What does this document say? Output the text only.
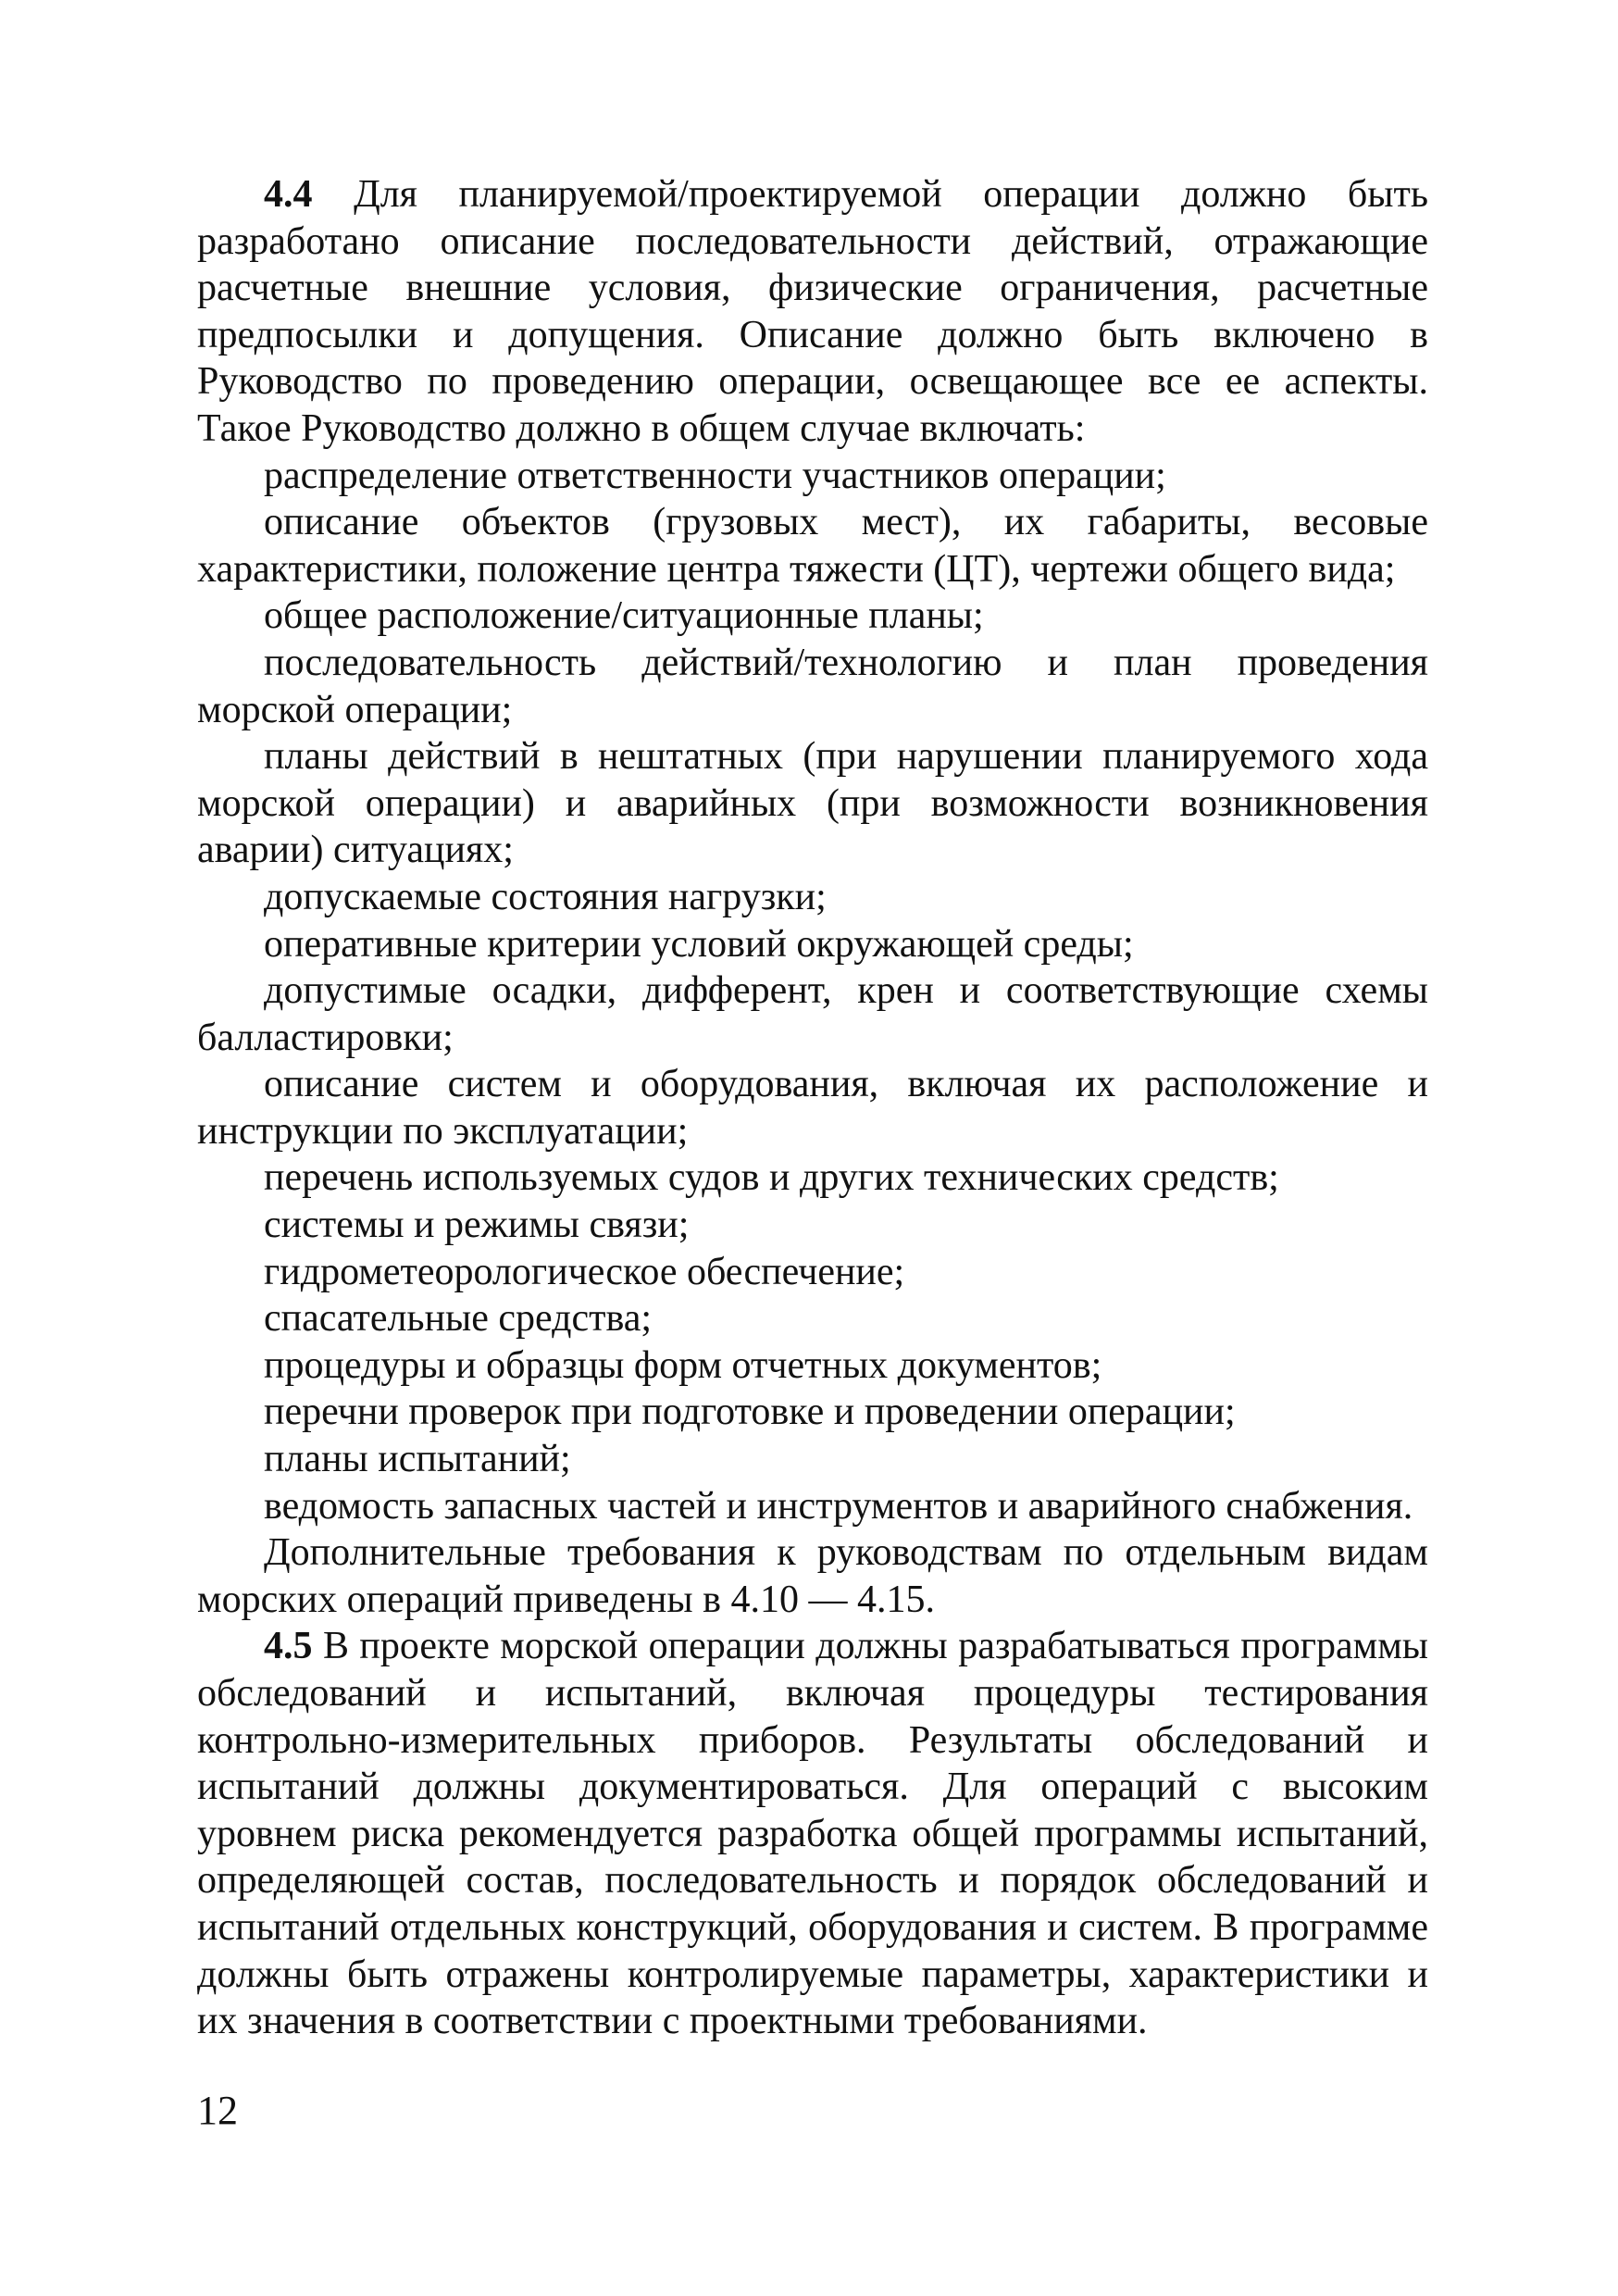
4.4 Для планируемой/проектируемой операции должно быть разработано описание последовательности действий, отражающие расчетные внешние условия, физические ограничения, расчетные предпосылки и допущения. Описание должно быть включено в Руководство по проведению операции, освещающее все ее аспекты. Такое Руководство должно в общем случае включать:

распределение ответственности участников операции;

описание объектов (грузовых мест), их габариты, весовые характеристики, положение центра тяжести (ЦТ), чертежи общего вида;

общее расположение/ситуационные планы;

последовательность действий/технологию и план проведения морской операции;

планы действий в нештатных (при нарушении планируемого хода морской операции) и аварийных (при возможности возникновения аварии) ситуациях;

допускаемые состояния нагрузки;

оперативные критерии условий окружающей среды;

допустимые осадки, дифферент, крен и соответствующие схемы балластировки;

описание систем и оборудования, включая их расположение и инструкции по эксплуатации;

перечень используемых судов и других технических средств;

системы и режимы связи;

гидрометеорологическое обеспечение;

спасательные средства;

процедуры и образцы форм отчетных документов;

перечни проверок при подготовке и проведении операции;

планы испытаний;

ведомость запасных частей и инструментов и аварийного снабжения.

Дополнительные требования к руководствам по отдельным видам морских операций приведены в 4.10 — 4.15.

4.5 В проекте морской операции должны разрабатываться программы обследований и испытаний, включая процедуры тестирования контрольно-измерительных приборов. Результаты обследований и испытаний должны документироваться. Для операций с высоким уровнем риска рекомендуется разработка общей программы испытаний, определяющей состав, последовательность и порядок обследований и испытаний отдельных конструкций, оборудования и систем. В программе должны быть отражены контролируемые параметры, характеристики и их значения в соответствии с проектными требованиями.

12
